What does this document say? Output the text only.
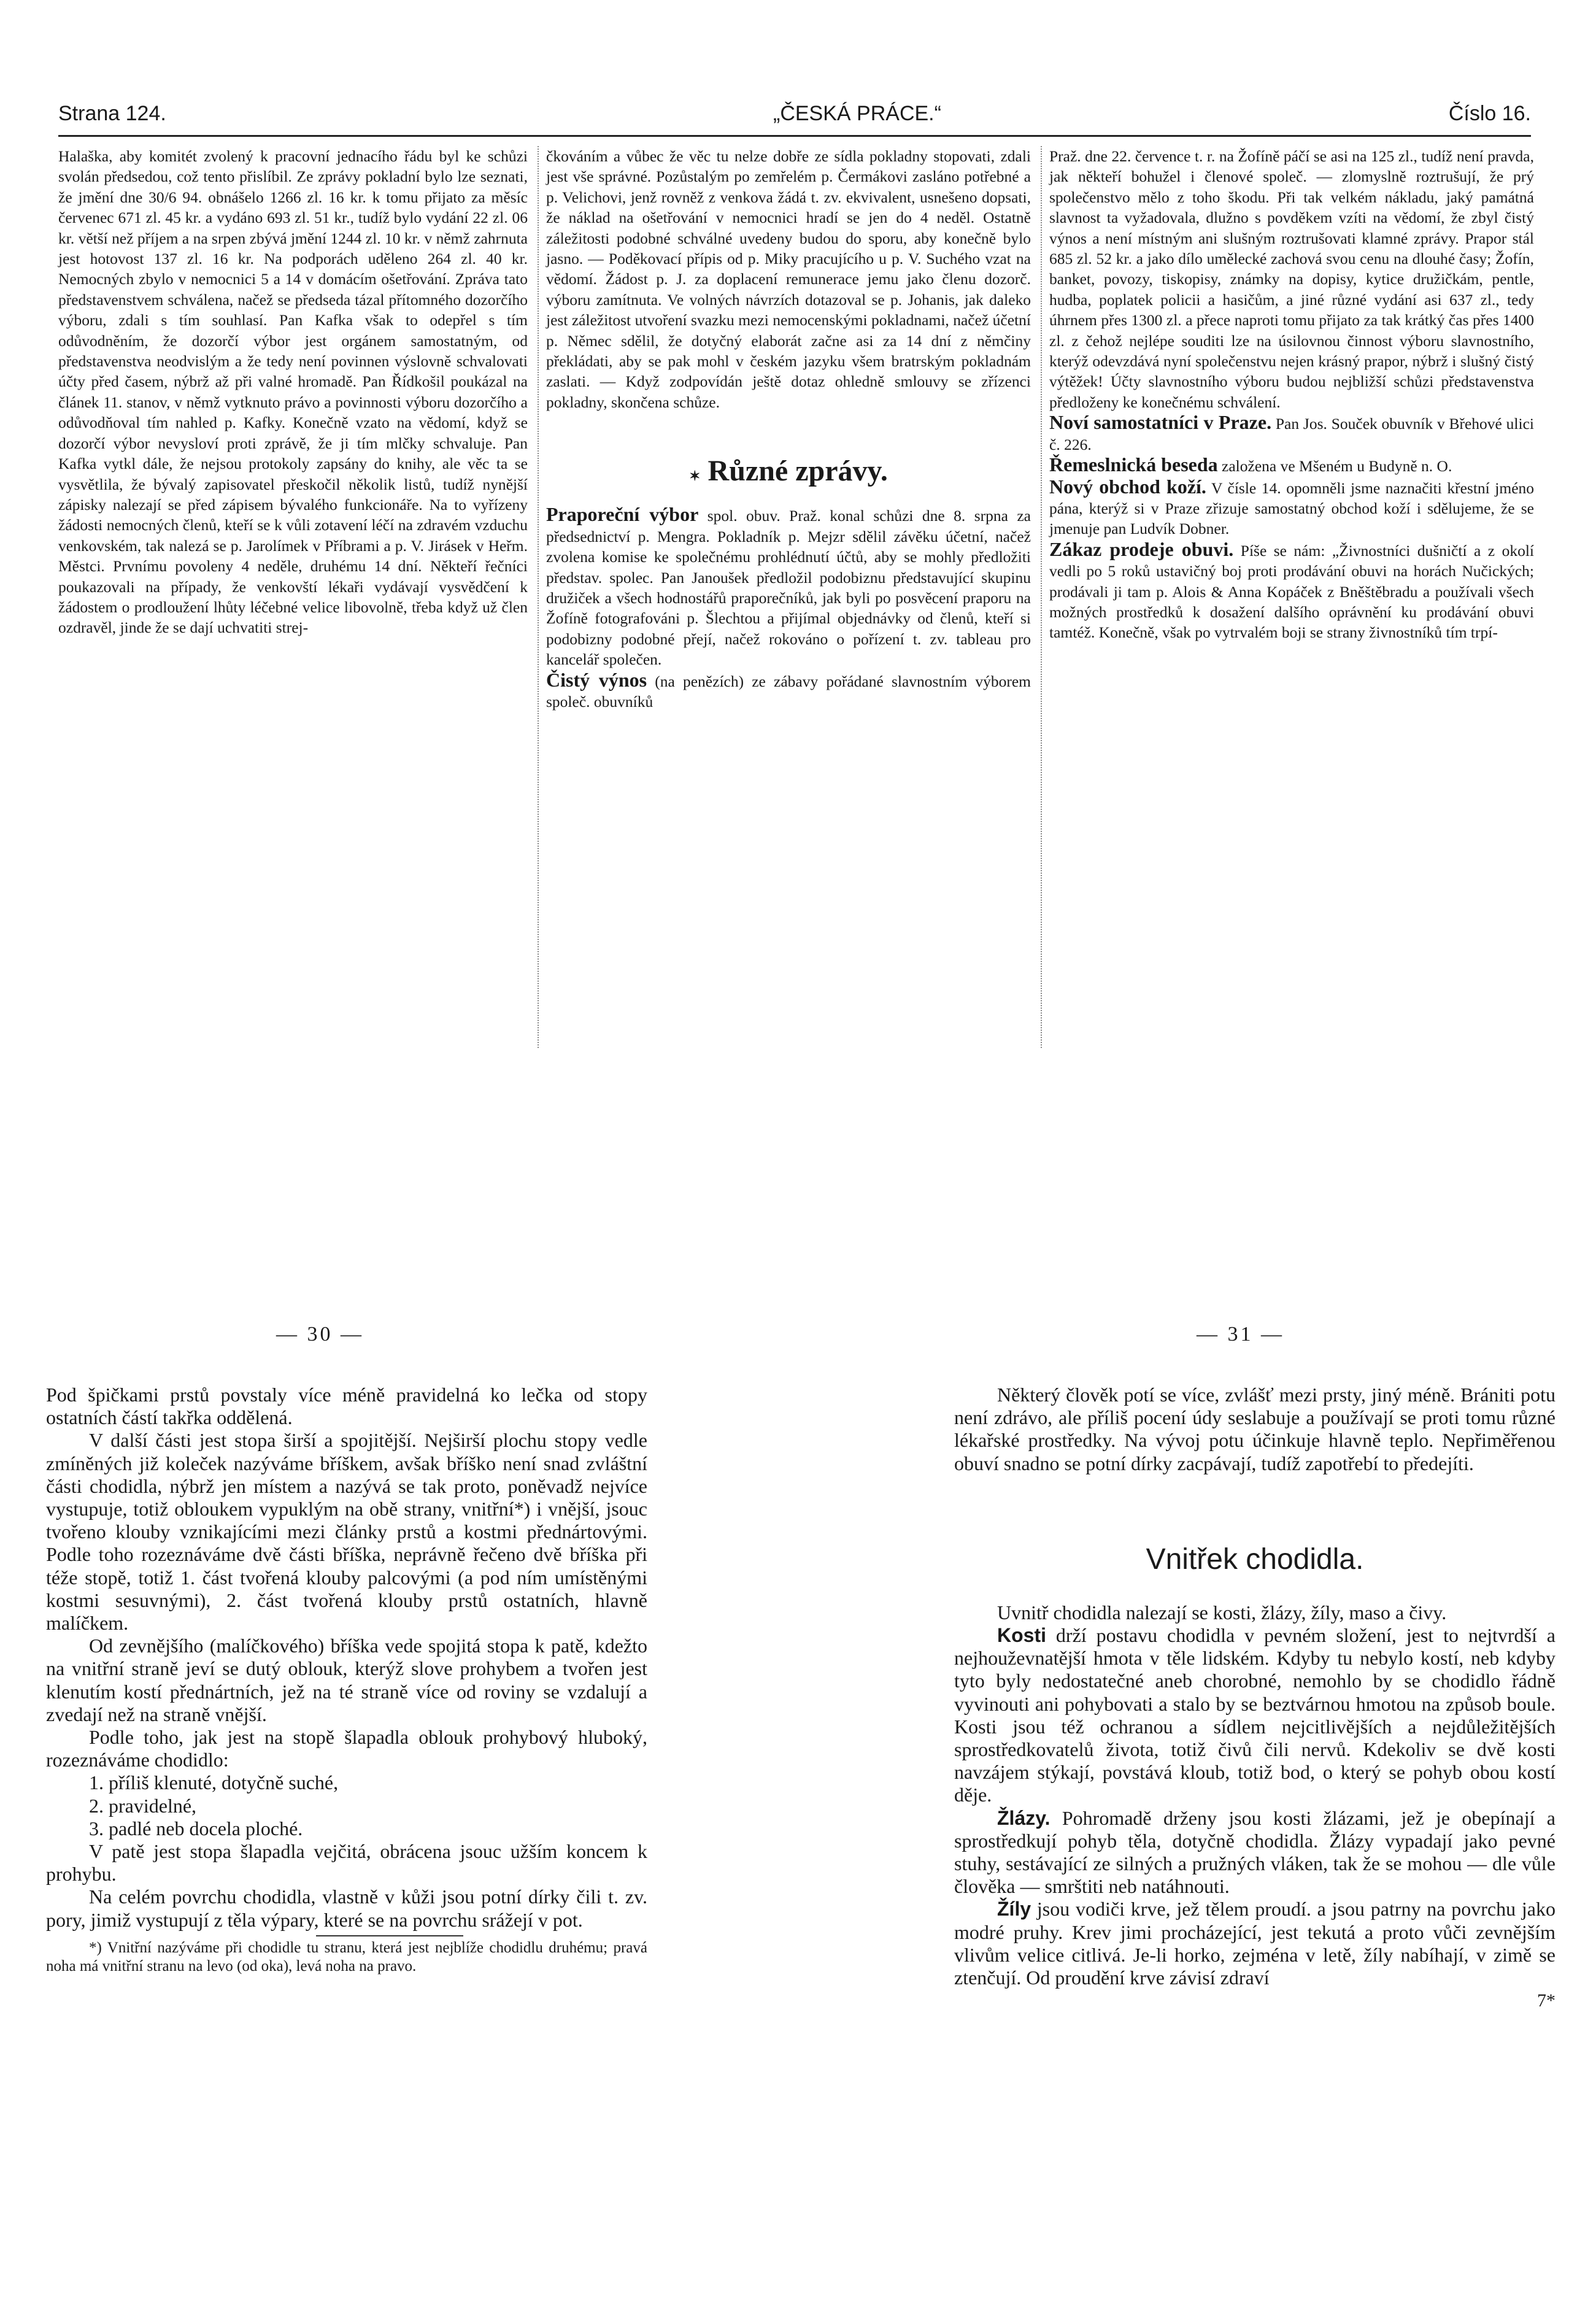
Strana 124.	„ČESKÁ PRÁCE.“	Číslo 16.

Halaška, aby komitét zvolený k pracovní jednacího řádu byl ke schůzi svolán předsedou, což tento přislíbil. Ze zprávy pokladní bylo lze seznati, že jmění dne 30/6 94. obnášelo 1266 zl. 16 kr. k tomu přijato za měsíc červenec 671 zl. 45 kr. a vydáno 693 zl. 51 kr., tudíž bylo vydání 22 zl. 06 kr. větší než příjem a na srpen zbývá jmění 1244 zl. 10 kr. v němž zahrnuta jest hotovost 137 zl. 16 kr. Na podporách uděleno 264 zl. 40 kr. Nemocných zbylo v nemocnici 5 a 14 v domácím ošetřování. Zpráva tato představenstvem schválena, načež se předseda tázal přítomného dozorčího výboru, zdali s tím souhlasí. Pan Kafka však to odepřel s tím odůvodněním, že dozorčí výbor jest orgánem samostatným, od představenstva neodvislým a že tedy není povinnen výslovně schvalovati účty před časem, nýbrž až při valné hromadě. Pan Řídkošil poukázal na článek 11. stanov, v němž vytknuto právo a povinnosti výboru dozorčího a odůvodňoval tím nahled p. Kafky. Konečně vzato na vědomí, když se dozorčí výbor nevysloví proti zprávě, že ji tím mlčky schvaluje. Pan Kafka vytkl dále, že nejsou protokoly zapsány do knihy, ale věc ta se vysvětlila, že bývalý zapisovatel přeskočil několik listů, tudíž nynější zápisky nalezají se před zápisem bývalého funkcionáře. Na to vyřízeny žádosti nemocných členů, kteří se k vůli zotavení léčí na zdravém vzduchu venkovském, tak nalezá se p. Jarolímek v Příbrami a p. V. Jirásek v Heřm. Městci. Prvnímu povoleny 4 neděle, druhému 14 dní. Někteří řečníci poukazovali na případy, že venkovští lékaři vydávají vysvědčení k žádostem o prodloužení lhůty léčebné velice libovolně, třeba když už člen ozdravěl, jinde že se dají uchvatiti strej-

čkováním a vůbec že věc tu nelze dobře ze sídla pokladny stopovati, zdali jest vše správné. Pozůstalým po zemřelém p. Čermákovi zasláno potřebné a p. Velichovi, jenž rovněž z venkova žádá t. zv. ekvivalent, usnešeno dopsati, že náklad na ošetřování v nemocnici hradí se jen do 4 neděl. Ostatně záležitosti podobné schválné uvedeny budou do sporu, aby konečně bylo jasno. — Poděkovací přípis od p. Miky pracujícího u p. V. Suchého vzat na vědomí. Žádost p. J. za doplacení remunerace jemu jako členu dozorč. výboru zamítnuta. Ve volných návrzích dotazoval se p. Johanis, jak daleko jest záležitost utvoření svazku mezi nemocenskými pokladnami, načež účetní p. Němec sdělil, že dotyčný elaborát začne asi za 14 dní z němčiny překládati, aby se pak mohl v českém jazyku všem bratrským pokladnám zaslati. — Když zodpovídán ještě dotaz ohledně smlouvy se zřízenci pokladny, skončena schůze.

✶ Různé zprávy.

Praporeční výbor spol. obuv. Praž. konal schůzi dne 8. srpna za předsednictví p. Mengra. Pokladník p. Mejzr sdělil závěku účetní, načež zvolena komise ke společnému prohlédnutí účtů, aby se mohly předložiti představ. spolec. Pan Janoušek předložil podobiznu představující skupinu družiček a všech hodnostářů praporečníků, jak byli po posvěcení praporu na Žofíně fotografováni p. Šlechtou a přijímal objednávky od členů, kteří si podobizny podobné přejí, načež rokováno o pořízení t. zv. tableau pro kancelář společen.

Čistý výnos (na penězích) ze zábavy pořádané slavnostním výborem společ. obuvníků

Praž. dne 22. července t. r. na Žofíně páčí se asi na 125 zl., tudíž není pravda, jak někteří bohužel i členové společ. — zlomyslně roztrušují, že prý společenstvo mělo z toho škodu. Při tak velkém nákladu, jaký památná slavnost ta vyžadovala, dlužno s povděkem vzíti na vědomí, že zbyl čistý výnos a není místným ani slušným roztrušovati klamné zprávy. Prapor stál 685 zl. 52 kr. a jako dílo umělecké zachová svou cenu na dlouhé časy; Žofín, banket, povozy, tiskopisy, známky na dopisy, kytice družičkám, pentle, hudba, poplatek policii a hasičům, a jiné různé vydání asi 637 zl., tedy úhrnem přes 1300 zl. a přece naproti tomu přijato za tak krátký čas přes 1400 zl. z čehož nejlépe souditi lze na úsilovnou činnost výboru slavnostního, kterýž odevzdává nyní společenstvu nejen krásný prapor, nýbrž i slušný čistý výtěžek! Účty slavnostního výboru budou nejbližší schůzi představenstva předloženy ke konečnému schválení.

Noví samostatníci v Praze. Pan Jos. Souček obuvník v Břehové ulici č. 226.

Řemeslnická beseda založena ve Mšeném u Budyně n. O.

Nový obchod koží. V čísle 14. opomněli jsme naznačiti křestní jméno pána, kterýž si v Praze zřizuje samostatný obchod koží i sdělujeme, že se jmenuje pan Ludvík Dobner.

Zákaz prodeje obuvi. Píše se nám: „Živnostníci dušničtí a z okolí vedli po 5 roků ustavičný boj proti prodávání obuvi na horách Nučických; prodávali ji tam p. Alois & Anna Kopáček z Bněštěbradu a používali všech možných prostředků k dosažení dalšího oprávnění ku prodávání obuvi tamtéž. Konečně, však po vytrvalém boji se strany živnostníků tím trpí-

— 30 —	— 31 —

Pod špičkami prstů povstaly více méně pravidelná ko lečka od stopy ostatních částí takřka oddělená.

V další části jest stopa širší a spojitější. Nejširší plochu stopy vedle zmíněných již koleček nazýváme bříškem, avšak bříško není snad zvláštní části chodidla, nýbrž jen místem a nazývá se tak proto, poněvadž nejvíce vystupuje, totiž obloukem vypuklým na obě strany, vnitřní*) i vnější, jsouc tvořeno klouby vznikajícími mezi články prstů a kostmi přednártovými. Podle toho rozeznáváme dvě části bříška, neprávně řečeno dvě bříška při téže stopě, totiž 1. část tvořená klouby palcovými (a pod ním umístěnými kostmi sesuvnými), 2. část tvořená klouby prstů ostatních, hlavně malíčkem.

Od zevnějšího (malíčkového) bříška vede spojitá stopa k patě, kdežto na vnitřní straně jeví se dutý oblouk, kterýž slove prohybem a tvořen jest klenutím kostí přednártních, jež na té straně více od roviny se vzdalují a zvedají než na straně vnější.

Podle toho, jak jest na stopě šlapadla oblouk prohybový hluboký, rozeznáváme chodidlo:

1. příliš klenuté, dotyčně suché,
2. pravidelné,
3. padlé neb docela ploché.

V patě jest stopa šlapadla vejčitá, obrácena jsouc užším koncem k prohybu.

Na celém povrchu chodidla, vlastně v kůži jsou potní dírky čili t. zv. pory, jimiž vystupují z těla výpary, které se na povrchu srážejí v pot.

*) Vnitřní nazýváme při chodidle tu stranu, která jest nejblíže chodidlu druhému; pravá noha má vnitřní stranu na levo (od oka), levá noha na pravo.

Některý člověk potí se více, zvlášť mezi prsty, jiný méně. Brániti potu není zdrávo, ale příliš pocení údy seslabuje a používají se proti tomu různé lékařské prostředky. Na vývoj potu účinkuje hlavně teplo. Nepřiměřenou obuví snadno se potní dírky zacpávají, tudíž zapotřebí to předejíti.

Vnitřek chodidla.

Uvnitř chodidla nalezají se kosti, žlázy, žíly, maso a čivy.

Kosti drží postavu chodidla v pevném složení, jest to nejtvrdší a nejhouževnatější hmota v těle lidském. Kdyby tu nebylo kostí, neb kdyby tyto byly nedostatečné aneb chorobné, nemohlo by se chodidlo řádně vyvinouti ani pohybovati a stalo by se beztvárnou hmotou na způsob boule. Kosti jsou též ochranou a sídlem nejcitlivějších a nejdůležitějších sprostředkovatelů života, totiž čivů čili nervů. Kdekoliv se dvě kosti navzájem stýkají, povstává kloub, totiž bod, o který se pohyb obou kostí děje.

Žlázy. Pohromadě drženy jsou kosti žlázami, jež je obepínají a sprostředkují pohyb těla, dotyčně chodidla. Žlázy vypadají jako pevné stuhy, sestávající ze silných a pružných vláken, tak že se mohou — dle vůle člověka — smrštiti neb natáhnouti.

Žíly jsou vodiči krve, jež tělem proudí. a jsou patrny na povrchu jako modré pruhy. Krev jimi procházející, jest tekutá a proto vůči zevnějším vlivům velice citlivá. Je-li horko, zejména v letě, žíly nabíhají, v zimě se ztenčují. Od proudění krve závisí zdraví

7*
